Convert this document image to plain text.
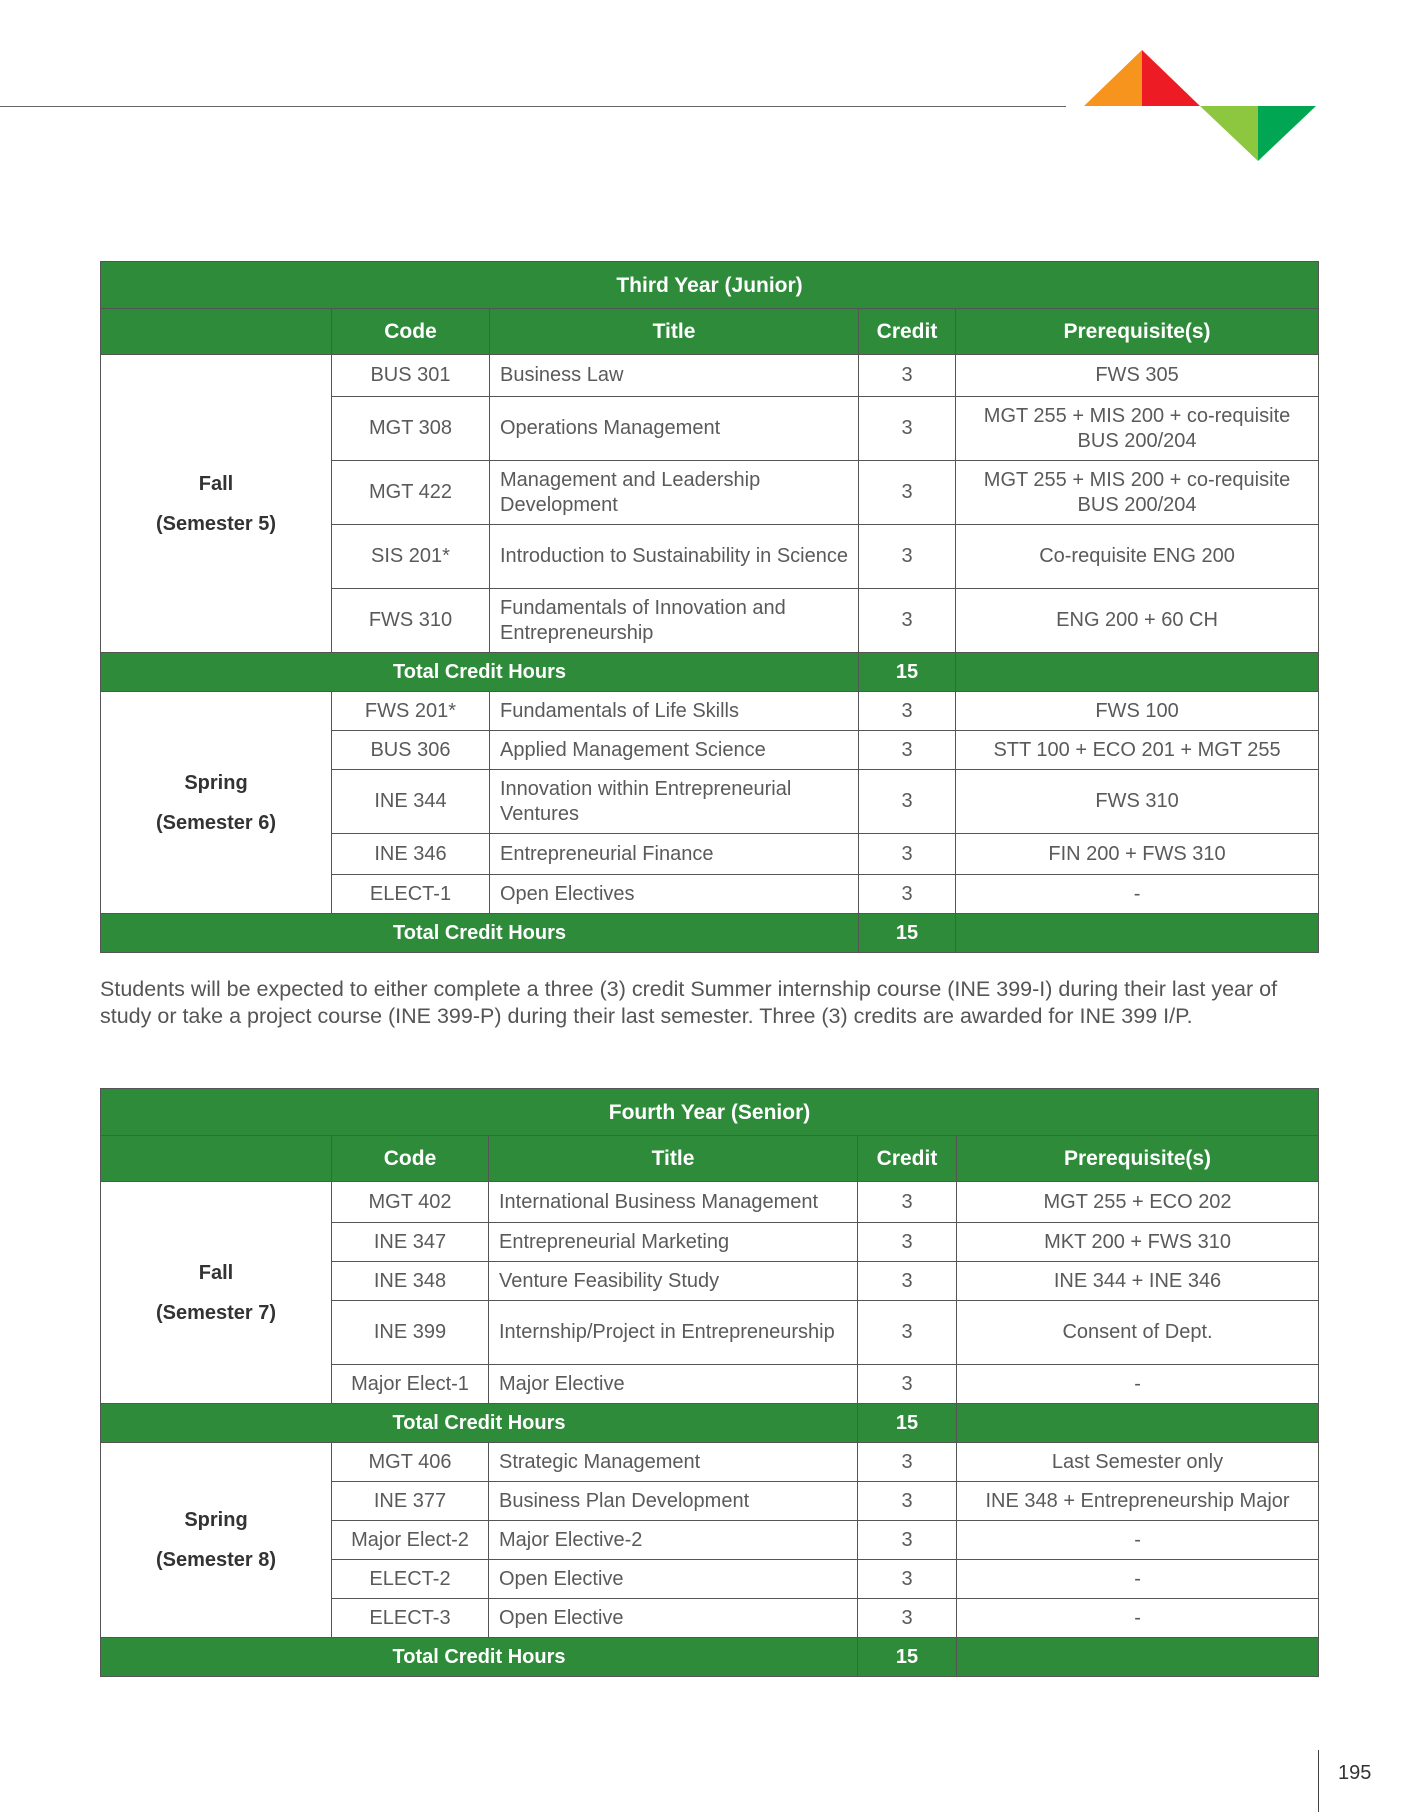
Third Year (Junior)				
	Code	Title	Credit	Prerequisite(s)

Fall
(Semester 5)	BUS 301	Business Law	3	FWS 305
	MGT 308	Operations Management	3	MGT 255 + MIS 200 + co-requisite BUS 200/204
	MGT 422	Management and Leadership Development	3	MGT 255 + MIS 200 + co-requisite BUS 200/204
	SIS 201*	Introduction to Sustainability in Science	3	Co-requisite ENG 200
	FWS 310	Fundamentals of Innovation and Entrepreneurship	3	ENG 200 + 60 CH
Total Credit Hours			15	

Spring
(Semester 6)	FWS 201*	Fundamentals of Life Skills	3	FWS 100
	BUS 306	Applied Management Science	3	STT 100 + ECO 201 + MGT 255
	INE 344	Innovation within Entrepreneurial Ventures	3	FWS 310
	INE 346	Entrepreneurial Finance	3	FIN 200 + FWS 310
	ELECT-1	Open Electives	3	-
Total Credit Hours			15	
Students will be expected to either complete a three (3) credit Summer internship course (INE 399-I) during their last year of study or take a project course (INE 399-P) during their last semester. Three (3) credits are awarded for INE 399 I/P.
Fourth Year (Senior)				
	Code	Title	Credit	Prerequisite(s)

Fall
(Semester 7)	MGT 402	International Business Management	3	MGT 255 + ECO 202
	INE 347	Entrepreneurial Marketing	3	MKT 200 + FWS 310
	INE 348	Venture Feasibility Study	3	INE 344 + INE 346
	INE 399	Internship/Project in Entrepreneurship	3	Consent of Dept.
	Major Elect-1	Major Elective	3	-
Total Credit Hours			15	

Spring
(Semester 8)	MGT 406	Strategic Management	3	Last Semester only
	INE 377	Business Plan Development	3	INE 348 + Entrepreneurship Major
	Major Elect-2	Major Elective-2	3	-
	ELECT-2	Open Elective	3	-
	ELECT-3	Open Elective	3	-
Total Credit Hours			15	
195
